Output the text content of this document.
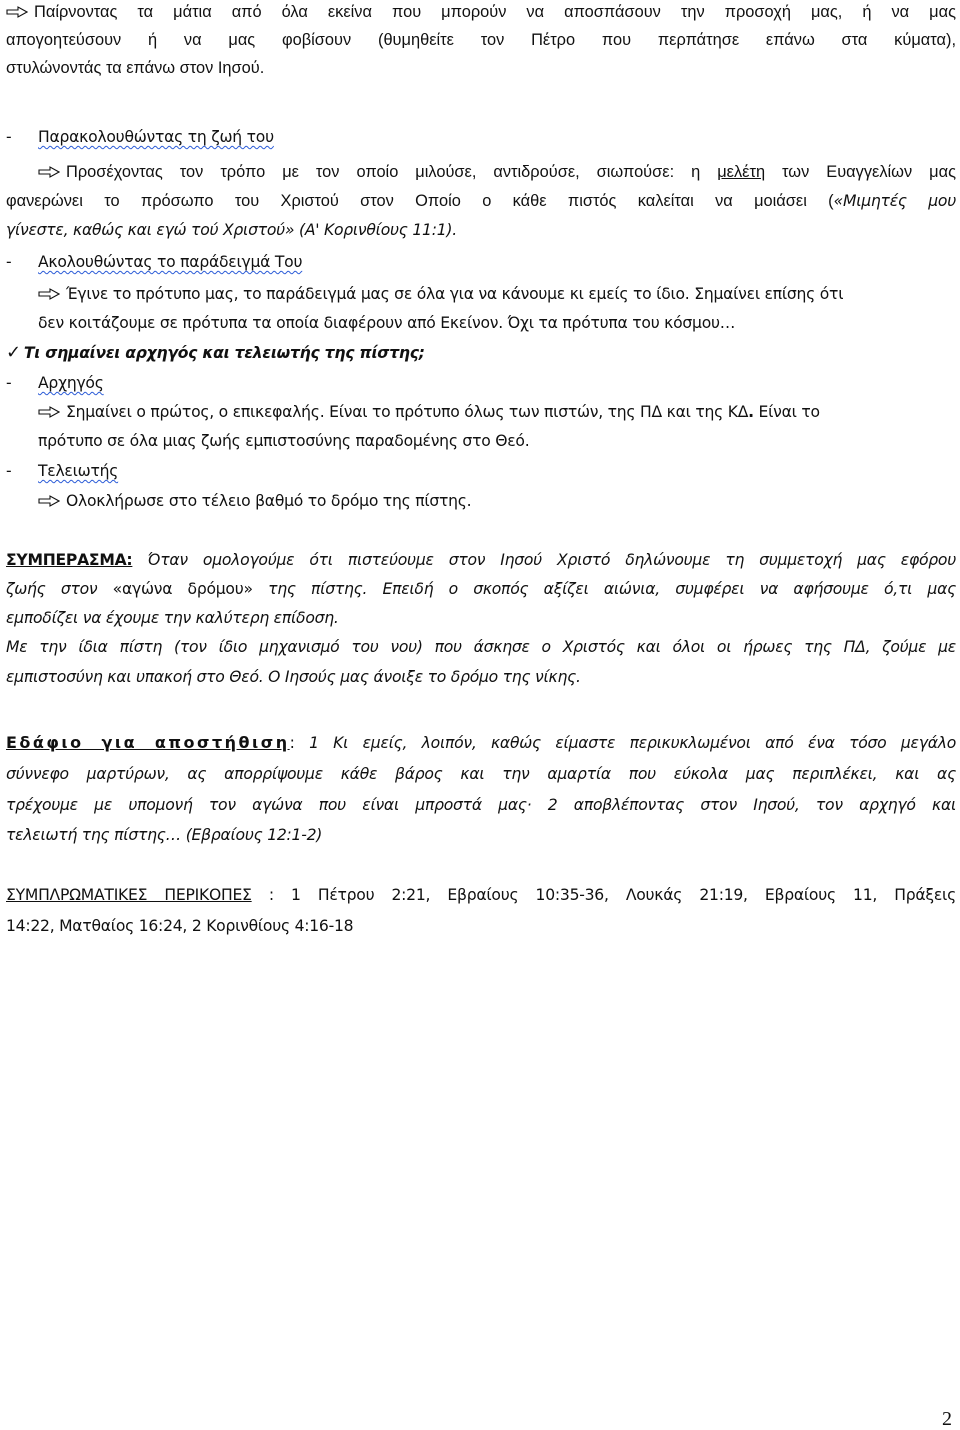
Παίρνοντας τα μάτια από όλα εκείνα που μπορούν να αποσπάσουν την προσοχή μας, ή να μας
απογοητεύσουν ή να μας φοβίσουν (θυμηθείτε τον Πέτρο που περπάτησε επάνω στα κύματα),
στυλώνοντάς τα επάνω στον Ιησού.
- Παρακολουθώντας τη ζωή του
Προσέχοντας τον τρόπο με τον οποίο μιλούσε, αντιδρούσε, σιωπούσε: η μελέτη των Ευαγγελίων μας
φανερώνει το πρόσωπο του Χριστού στον Οποίο ο κάθε πιστός καλείται να μοιάσει («Μιμητές μου
γίνεστε, καθώς και εγώ τού Χριστού» (Α' Κορινθίους 11:1).
- Ακολουθώντας το παράδειγμά Του
Έγινε το πρότυπο μας, το παράδειγμά μας σε όλα για να κάνουμε κι εμείς το ίδιο. Σημαίνει επίσης ότι
δεν κοιτάζουμε σε πρότυπα τα οποία διαφέρουν από Εκείνον. Όχι τα πρότυπα του κόσμου…
✓ Τι σημαίνει αρχηγός και τελειωτής της πίστης;
- Αρχηγός
Σημαίνει ο πρώτος, ο επικεφαλής. Είναι το πρότυπο όλως των πιστών, της ΠΔ και της ΚΔ. Είναι το
πρότυπο σε όλα μιας ζωής εμπιστοσύνης παραδομένης στο Θεό.
- Τελειωτής
Ολοκλήρωσε στο τέλειο βαθμό το δρόμο της πίστης.
ΣΥΜΠΕΡΑΣΜΑ: Όταν ομολογούμε ότι πιστεύουμε στον Ιησού Χριστό δηλώνουμε τη συμμετοχή μας εφόρου
ζωής στον «αγώνα δρόμου» της πίστης. Επειδή ο σκοπός αξίζει αιώνια, συμφέρει να αφήσουμε ό,τι μας
εμποδίζει να έχουμε την καλύτερη επίδοση.
Με την ίδια πίστη (τον ίδιο μηχανισμό του νου) που άσκησε ο Χριστός και όλοι οι ήρωες της ΠΔ, ζούμε με
εμπιστοσύνη και υπακοή στο Θεό. Ο Ιησούς μας άνοιξε το δρόμο της νίκης.
Εδάφιο για αποστήθιση: 1 Κι εμείς, λοιπόν, καθώς είμαστε περικυκλωμένοι από ένα τόσο μεγάλο
σύννεφο μαρτύρων, ας απορρίψουμε κάθε βάρος και την αμαρτία που εύκολα μας περιπλέκει, και ας
τρέχουμε με υπομονή τον αγώνα που είναι μπροστά μας· 2 αποβλέποντας στον Ιησού, τον αρχηγό και
τελειωτή της πίστης… (Εβραίους 12:1-2)
ΣΥΜΠΛΡΩΜΑΤΙΚΕΣ ΠΕΡΙΚΟΠΕΣ : 1 Πέτρου 2:21, Εβραίους 10:35-36, Λουκάς 21:19, Εβραίους 11, Πράξεις
14:22, Ματθαίος 16:24, 2 Κορινθίους 4:16-18
2
